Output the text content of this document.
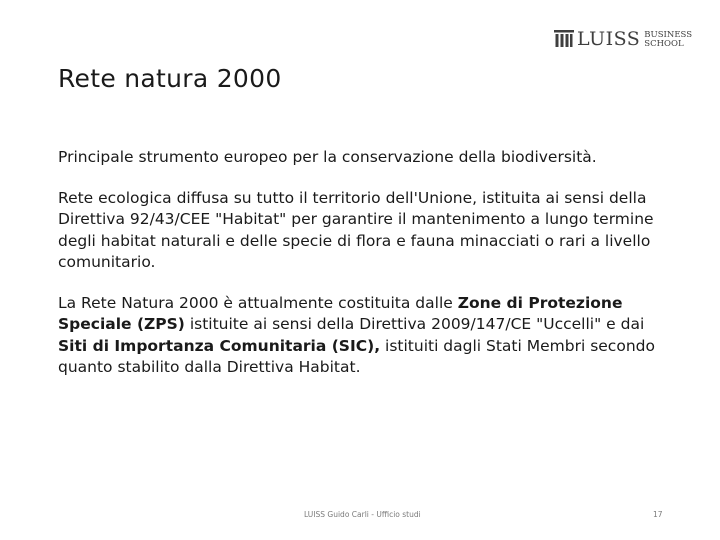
LUISS BUSINESS
SCHOOL
Rete natura 2000

Principale strumento europeo per la conservazione della biodiversità.

Rete ecologica diffusa su tutto il territorio dell'Unione, istituita ai sensi della Direttiva 92/43/CEE "Habitat" per garantire il mantenimento a lungo termine degli habitat naturali e delle specie di flora e fauna minacciati o rari a livello comunitario.

La Rete Natura 2000 è attualmente costituita dalle Zone di Protezione Speciale (ZPS) istituite ai sensi della Direttiva 2009/147/CE "Uccelli" e dai Siti di Importanza Comunitaria (SIC), istituiti dagli Stati Membri secondo quanto stabilito dalla Direttiva Habitat.

LUISS Guido Carli - Ufficio studi	17
